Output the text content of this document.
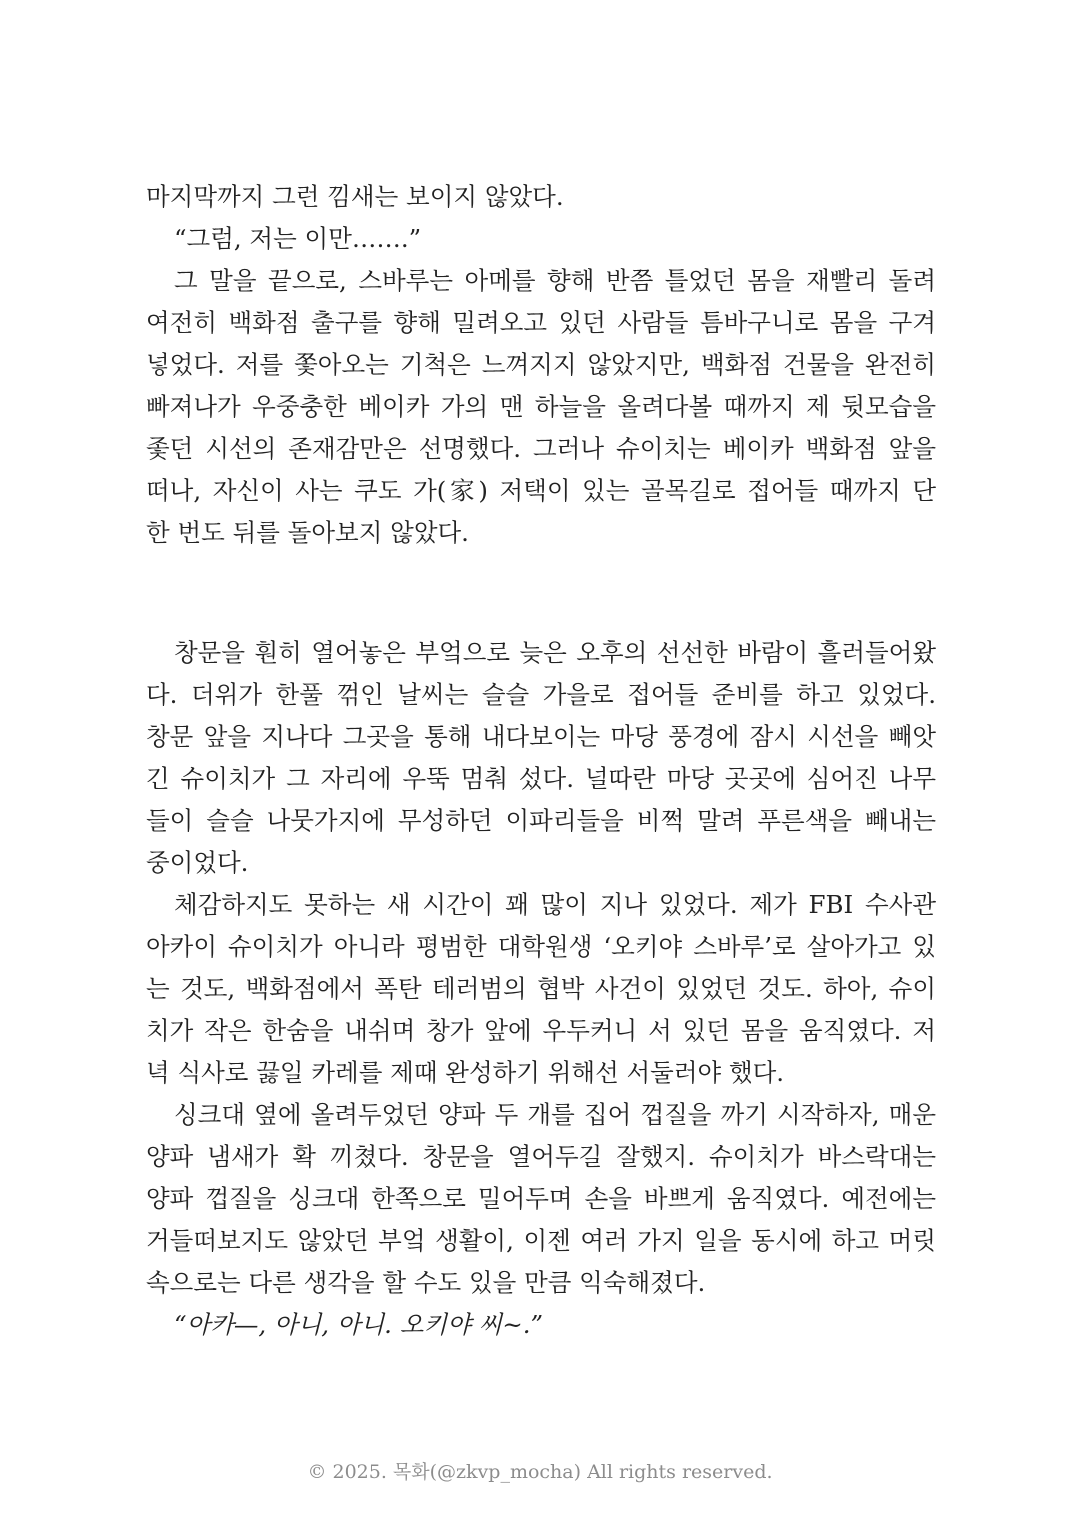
마지막까지 그런 낌새는 보이지 않았다.
“그럼, 저는 이만…….”
그 말을 끝으로, 스바루는 아메를 향해 반쯤 틀었던 몸을 재빨리 돌려
여전히 백화점 출구를 향해 밀려오고 있던 사람들 틈바구니로 몸을 구겨
넣었다. 저를 쫓아오는 기척은 느껴지지 않았지만, 백화점 건물을 완전히
빠져나가 우중충한 베이카 가의 맨 하늘을 올려다볼 때까지 제 뒷모습을
좇던 시선의 존재감만은 선명했다. 그러나 슈이치는 베이카 백화점 앞을
떠나, 자신이 사는 쿠도 가(家) 저택이 있는 골목길로 접어들 때까지 단
한 번도 뒤를 돌아보지 않았다.
창문을 훤히 열어놓은 부엌으로 늦은 오후의 선선한 바람이 흘러들어왔
다. 더위가 한풀 꺾인 날씨는 슬슬 가을로 접어들 준비를 하고 있었다.
창문 앞을 지나다 그곳을 통해 내다보이는 마당 풍경에 잠시 시선을 빼앗
긴 슈이치가 그 자리에 우뚝 멈춰 섰다. 널따란 마당 곳곳에 심어진 나무
들이 슬슬 나뭇가지에 무성하던 이파리들을 비쩍 말려 푸른색을 빼내는
중이었다.
체감하지도 못하는 새 시간이 꽤 많이 지나 있었다. 제가 FBI 수사관
아카이 슈이치가 아니라 평범한 대학원생 ‘오키야 스바루’로 살아가고 있
는 것도, 백화점에서 폭탄 테러범의 협박 사건이 있었던 것도. 하아, 슈이
치가 작은 한숨을 내쉬며 창가 앞에 우두커니 서 있던 몸을 움직였다. 저
녁 식사로 끓일 카레를 제때 완성하기 위해선 서둘러야 했다.
싱크대 옆에 올려두었던 양파 두 개를 집어 껍질을 까기 시작하자, 매운
양파 냄새가 확 끼쳤다. 창문을 열어두길 잘했지. 슈이치가 바스락대는
양파 껍질을 싱크대 한쪽으로 밀어두며 손을 바쁘게 움직였다. 예전에는
거들떠보지도 않았던 부엌 생활이, 이젠 여러 가지 일을 동시에 하고 머릿
속으로는 다른 생각을 할 수도 있을 만큼 익숙해졌다.
“아카—, 아니, 아니. 오키야 씨~.”
© 2025. 목화(@zkvp_mocha) All rights reserved.
